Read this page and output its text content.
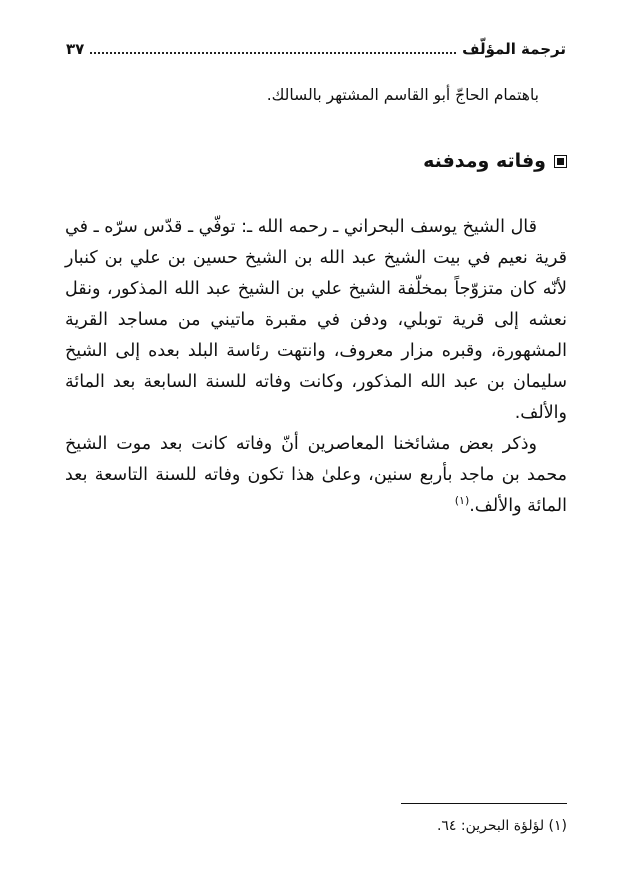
ترجمة المؤلّف
٣٧
باهتمام الحاجّ أبو القاسم المشتهر بالسالك.
وفاته ومدفنه

قال الشيخ يوسف البحراني ـ رحمه الله ـ: توفّي ـ قدّس سرّه ـ في قرية نعيم في بيت الشيخ عبد الله بن الشيخ حسين بن علي بن كنبار لأنّه كان متزوّجاً بمخلّفة الشيخ علي بن الشيخ عبد الله المذكور، ونقل نعشه إلى قرية توبلي، ودفن في مقبرة ماتيني من مساجد القرية المشهورة، وقبره مزار معروف، وانتهت رئاسة البلد بعده إلى الشيخ سليمان بن عبد الله المذكور، وكانت وفاته للسنة السابعة بعد المائة والألف.

وذكر بعض مشائخنا المعاصرين أنّ وفاته كانت بعد موت الشيخ محمد بن ماجد بأربع سنين، وعلىٰ هذا تكون وفاته للسنة التاسعة بعد المائة والألف.$^{(١)}$

(١) لؤلؤة البحرين: ٦٤.
